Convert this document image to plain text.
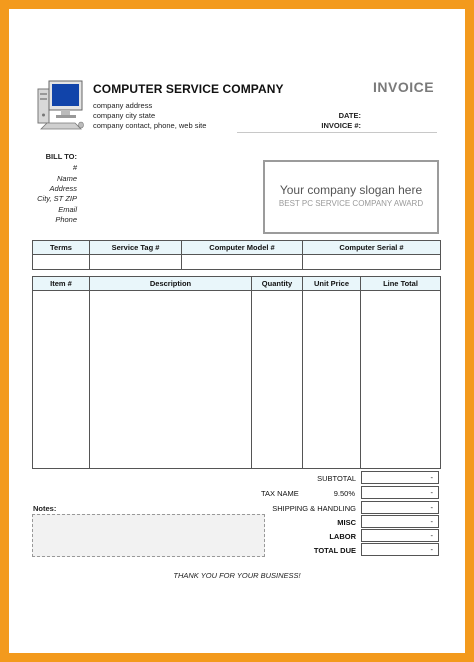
COMPUTER SERVICE COMPANY
company address
company city state
company contact, phone, web site
INVOICE
DATE:
INVOICE #:
BILL TO:
#
Name
Address
City, ST ZIP
Email
Phone
Your company slogan here
BEST PC SERVICE COMPANY AWARD
Terms	Service Tag #	Computer Model #	Computer Serial #

Item #	Description	Quantity	Unit Price	Line Total

SUBTOTAL	-
TAX NAME	9.50%	-
SHIPPING & HANDLING	-
MISC	-
LABOR	-
TOTAL DUE	-
Notes:
THANK YOU FOR YOUR BUSINESS!
